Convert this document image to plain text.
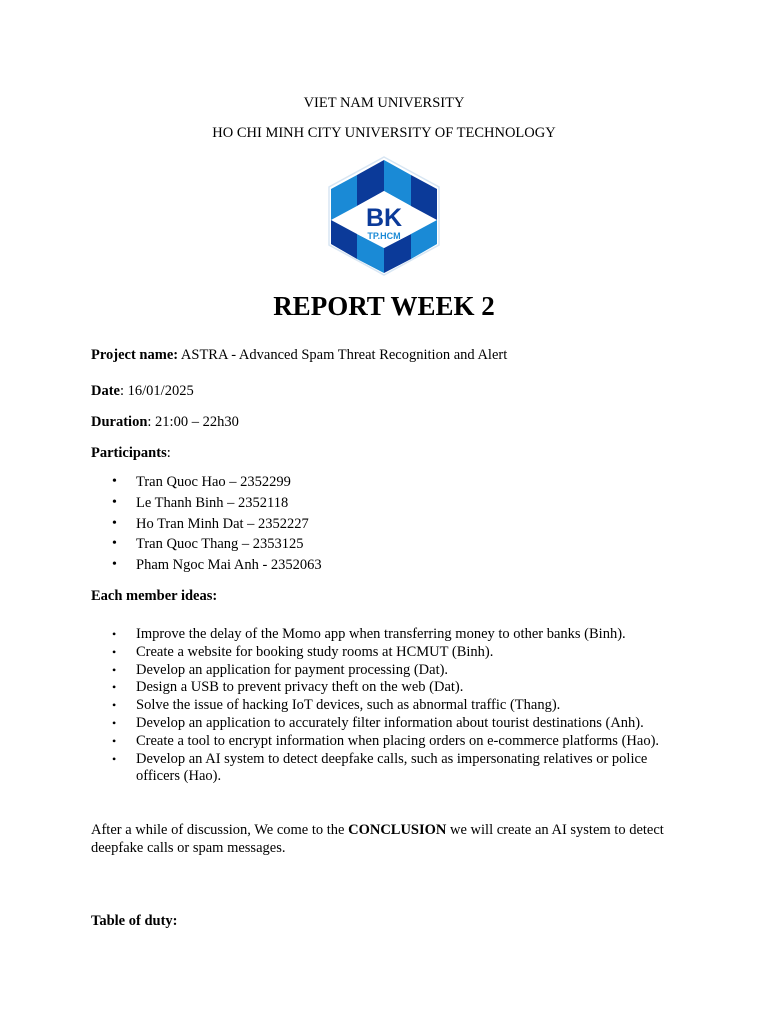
VIET NAM UNIVERSITY
HO CHI MINH CITY UNIVERSITY OF TECHNOLOGY
BK
TP.HCM
REPORT WEEK 2
Project name: ASTRA - Advanced Spam Threat Recognition and Alert
Date: 16/01/2025
Duration: 21:00 – 22h30
Participants:
• Tran Quoc Hao – 2352299
• Le Thanh Binh – 2352118
• Ho Tran Minh Dat – 2352227
• Tran Quoc Thang – 2353125
• Pham Ngoc Mai Anh - 2352063
Each member ideas:
• Improve the delay of the Momo app when transferring money to other banks (Binh).
• Create a website for booking study rooms at HCMUT (Binh).
• Develop an application for payment processing (Dat).
• Design a USB to prevent privacy theft on the web (Dat).
• Solve the issue of hacking IoT devices, such as abnormal traffic (Thang).
• Develop an application to accurately filter information about tourist destinations (Anh).
• Create a tool to encrypt information when placing orders on e-commerce platforms (Hao).
• Develop an AI system to detect deepfake calls, such as impersonating relatives or police officers (Hao).
After a while of discussion, We come to the CONCLUSION we will create an AI system to detect deepfake calls or spam messages.
Table of duty:
